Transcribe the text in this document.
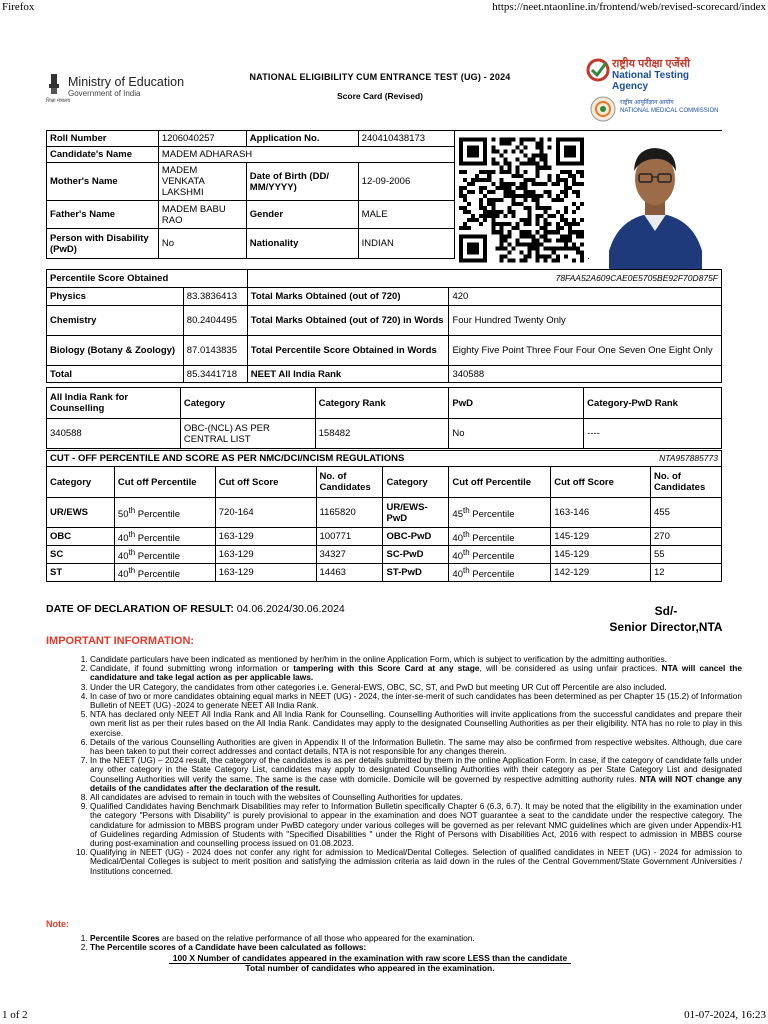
Firefox	https://neet.ntaonline.in/frontend/web/revised-scorecard/index
Ministry of Education
Government of India
शिक्षा मंत्रालय
NATIONAL ELIGIBILITY CUM ENTRANCE TEST (UG) - 2024
Score Card (Revised)
राष्ट्रीय परीक्षा एजेंसी
National Testing Agency
राष्ट्रीय आयुर्विज्ञान आयोग
NATIONAL MEDICAL COMMISSION
Roll Number	1206040257	Application No.	240410438173		
Candidate's Name	MADEM ADHARASH				
Mother's Name	MADEM VENKATA LAKSHMI	Date of Birth (DD/ MM/YYYY)	12-09-2006		
Father's Name	MADEM BABU RAO	Gender	MALE		
Person with Disability (PwD)	No	Nationality	INDIAN		
15-02-2024
Percentile Score Obtained		78FAA52A609CAE0E5705BE92F70D875F	
Physics	83.3836413	Total Marks Obtained (out of 720)	420
Chemistry	80.2404495	Total Marks Obtained (out of 720) in Words	Four Hundred Twenty Only
Biology (Botany & Zoology)	87.0143835	Total Percentile Score Obtained in Words	Eighty Five Point Three Four Four One Seven One Eight Only
Total	85.3441718	NEET All India Rank	340588
All India Rank for Counselling	Category	Category Rank	PwD	Category-PwD Rank
340588	OBC-(NCL) AS PER CENTRAL LIST	158482	No	----
CUT - OFF PERCENTILE AND SCORE AS PER NMC/DCI/NCISM REGULATIONS						NTA957885773	
Category	Cut off Percentile	Cut off Score	No. of Candidates	Category	Cut off Percentile	Cut off Score	No. of Candidates
UR/EWS	50th Percentile	720-164	1165820	UR/EWS-PwD	45th Percentile	163-146	455
OBC	40th Percentile	163-129	100771	OBC-PwD	40th Percentile	145-129	270
SC	40th Percentile	163-129	34327	SC-PwD	40th Percentile	145-129	55
ST	40th Percentile	163-129	14463	ST-PwD	40th Percentile	142-129	12
DATE OF DECLARATION OF RESULT: 04.06.2024/30.06.2024	Sd/-
Senior Director,NTA
IMPORTANT INFORMATION:
1. Candidate particulars have been indicated as mentioned by her/him in the online Application Form, which is subject to verification by the admitting authorities.
2. Candidate, if found submitting wrong information or tampering with this Score Card at any stage, will be considered as using unfair practices. NTA will cancel the candidature and take legal action as per applicable laws.
3. Under the UR Category, the candidates from other categories i.e. General-EWS, OBC, SC, ST, and PwD but meeting UR Cut off Percentile are also included.
4. In case of two or more candidates obtaining equal marks in NEET (UG) - 2024, the inter-se-merit of such candidates has been determined as per Chapter 15 (15.2) of Information Bulletin of NEET (UG) -2024 to generate NEET All India Rank.
5. NTA has declared only NEET All India Rank and All India Rank for Counselling. Counselling Authorities will invite applications from the successful candidates and prepare their own merit list as per their rules based on the All India Rank. Candidates may apply to the designated Counselling Authorities as per their eligibility. NTA has no role to play in this exercise.
6. Details of the various Counselling Authorities are given in Appendix II of the Information Bulletin. The same may also be confirmed from respective websites. Although, due care has been taken to put their correct addresses and contact details, NTA is not responsible for any changes therein.
7. In the NEET (UG) – 2024 result, the category of the candidates is as per details submitted by them in the online Application Form. In case, if the category of candidate falls under any other category in the State Category List, candidates may apply to designated Counselling Authorities with their category as per State Category List and designated Counselling Authorities will verify the same. The same is the case with domicile. Domicile will be governed by respective admitting authority rules. NTA will NOT change any details of the candidates after the declaration of the result.
8. All candidates are advised to remain in touch with the websites of Counselling Authorities for updates.
9. Qualified Candidates having Benchmark Disabilities may refer to Information Bulletin specifically Chapter 6 (6.3, 6.7). It may be noted that the eligibility in the examination under the category "Persons with Disability" is purely provisional to appear in the examination and does NOT guarantee a seat to the candidate under the respective category. The candidature for admission to MBBS program under PwBD category under various colleges will be governed as per relevant NMC guidelines which are given under Appendix-H1 of Guidelines regarding Admission of Students with "Specified Disabilities " under the Right of Persons with Disabilities Act, 2016 with respect to admission in MBBS course during post-examination and counselling process issued on 01.08.2023.
10. Qualifying in NEET (UG) - 2024 does not confer any right for admission to Medical/Dental Colleges. Selection of qualified candidates in NEET (UG) - 2024 for admission to Medical/Dental Colleges is subject to merit position and satisfying the admission criteria as laid down in the rules of the Central Government/State Government /Universities / Institutions concerned.
Note:
1. Percentile Scores are based on the relative performance of all those who appeared for the examination.
2. The Percentile scores of a Candidate have been calculated as follows:
100 X Number of candidates appeared in the examination with raw score LESS than the candidate
Total number of candidates who appeared in the examination.
1 of 2	01-07-2024, 16:23
